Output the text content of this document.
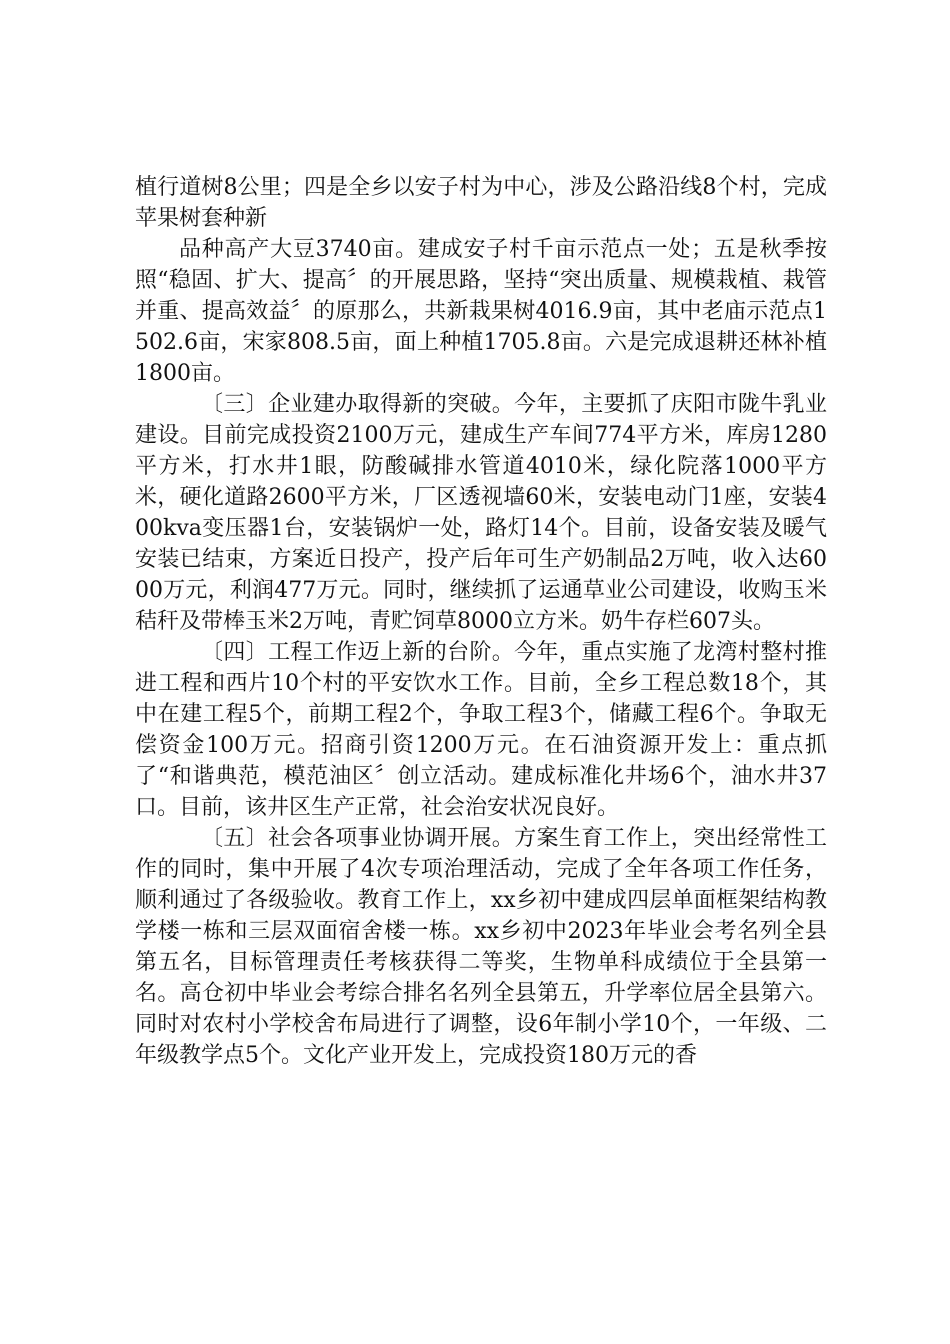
植行道树8公里；四是全乡以安子村为中心，涉及公路沿线8个村，完成苹果树套种新

品种高产大豆3740亩。建成安子村千亩示范点一处；五是秋季按照“稳固、扩大、提高〞的开展思路，坚持“突出质量、规模栽植、栽管并重、提高效益〞的原那么，共新栽果树4016.9亩，其中老庙示范点1502.6亩，宋家808.5亩，面上种植1705.8亩。六是完成退耕还林补植1800亩。

〔三〕企业建办取得新的突破。今年，主要抓了庆阳市陇牛乳业建设。目前完成投资2100万元，建成生产车间774平方米，库房1280平方米，打水井1眼，防酸碱排水管道4010米，绿化院落1000平方米，硬化道路2600平方米，厂区透视墙60米，安装电动门1座，安装400kva变压器1台，安装锅炉一处，路灯14个。目前，设备安装及暖气安装已结束，方案近日投产，投产后年可生产奶制品2万吨，收入达6000万元，利润477万元。同时，继续抓了运通草业公司建设，收购玉米秸秆及带棒玉米2万吨，青贮饲草8000立方米。奶牛存栏607头。

〔四〕工程工作迈上新的台阶。今年，重点实施了龙湾村整村推进工程和西片10个村的平安饮水工作。目前，全乡工程总数18个，其中在建工程5个，前期工程2个，争取工程3个，储藏工程6个。争取无偿资金100万元。招商引资1200万元。在石油资源开发上：重点抓了“和谐典范，模范油区〞创立活动。建成标准化井场6个，油水井37口。目前，该井区生产正常，社会治安状况良好。

〔五〕社会各项事业协调开展。方案生育工作上，突出经常性工作的同时，集中开展了4次专项治理活动，完成了全年各项工作任务，顺利通过了各级验收。教育工作上，xx乡初中建成四层单面框架结构教学楼一栋和三层双面宿舍楼一栋。xx乡初中2023年毕业会考名列全县第五名，目标管理责任考核获得二等奖，生物单科成绩位于全县第一名。高仓初中毕业会考综合排名名列全县第五，升学率位居全县第六。同时对农村小学校舍布局进行了调整，设6年制小学10个，一年级、二年级教学点5个。文化产业开发上，完成投资180万元的香
